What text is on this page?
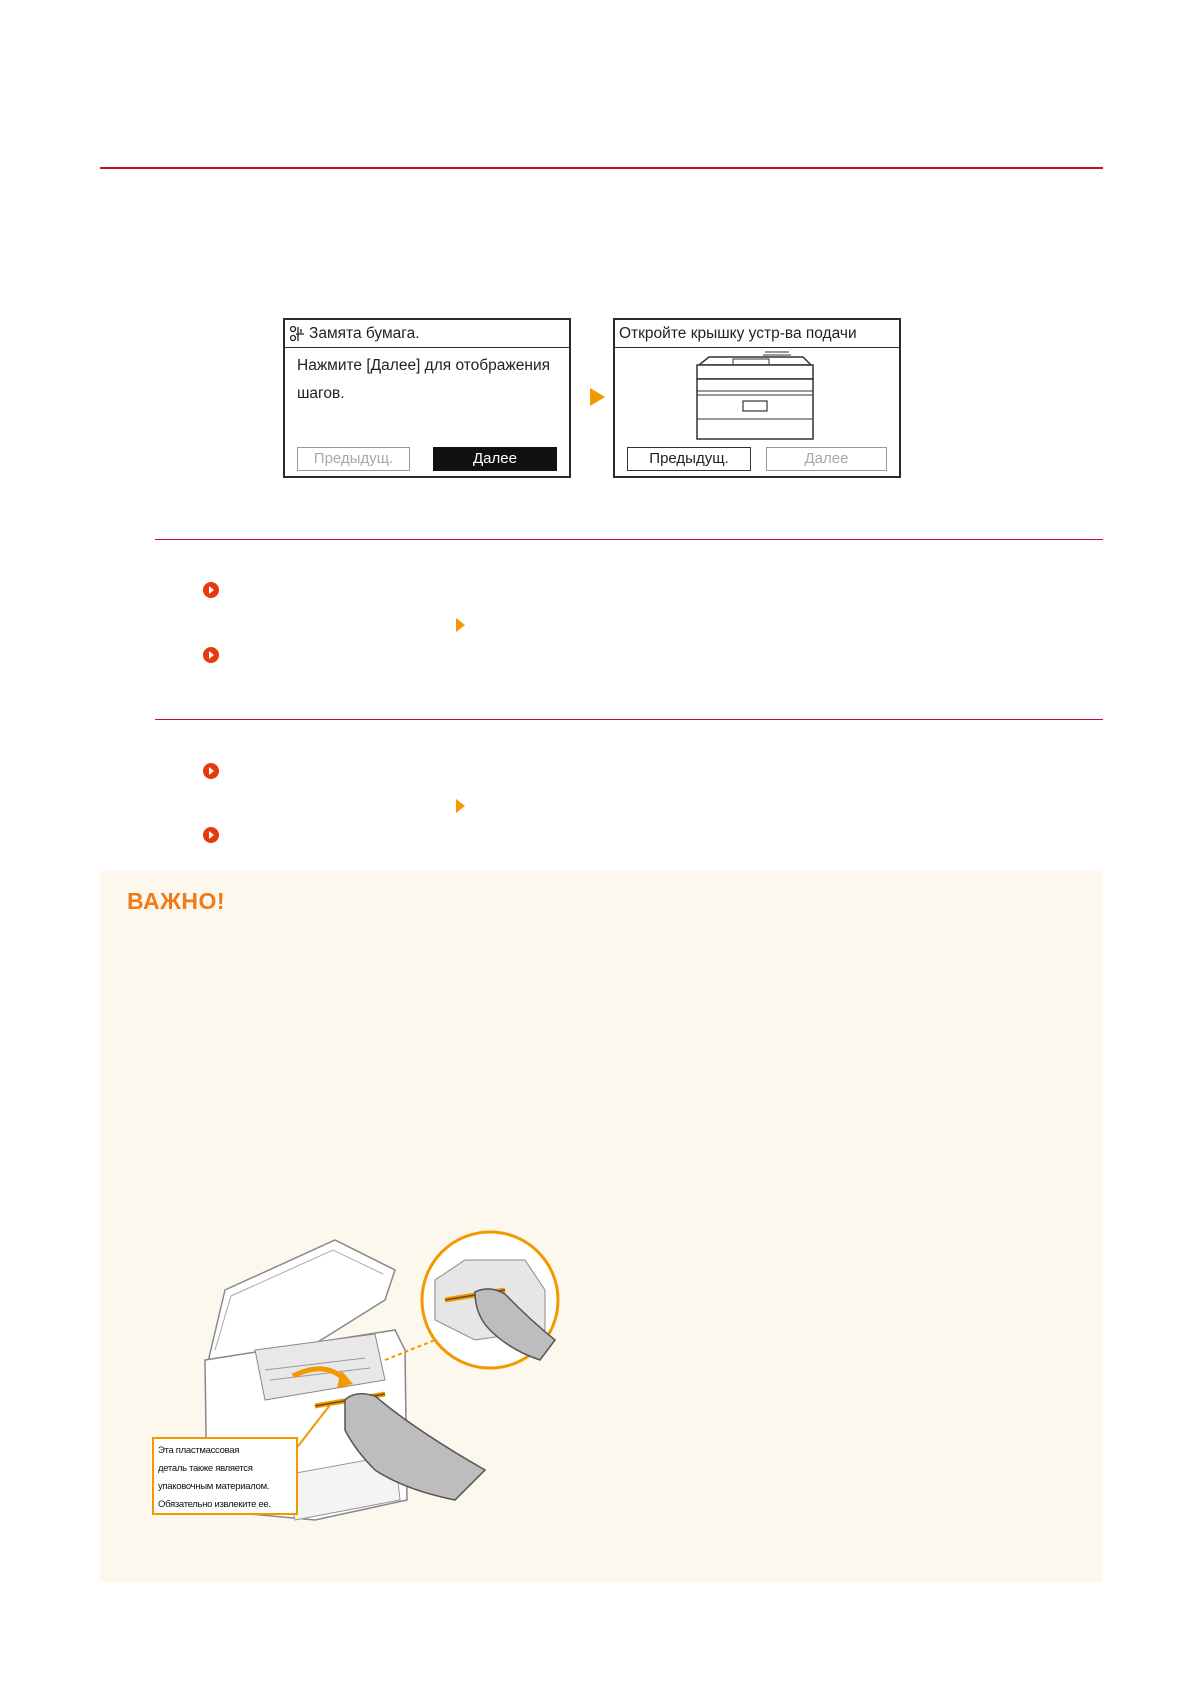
Замята бумага.
Нажмите [Далее] для отображения
шагов.
Предыдущ.	Далее
Откройте крышку устр-ва подачи
Предыдущ.	Далее
ВАЖНО!
Эта пластмассовая
деталь также является
упаковочным материалом.
Обязательно извлеките ее.
